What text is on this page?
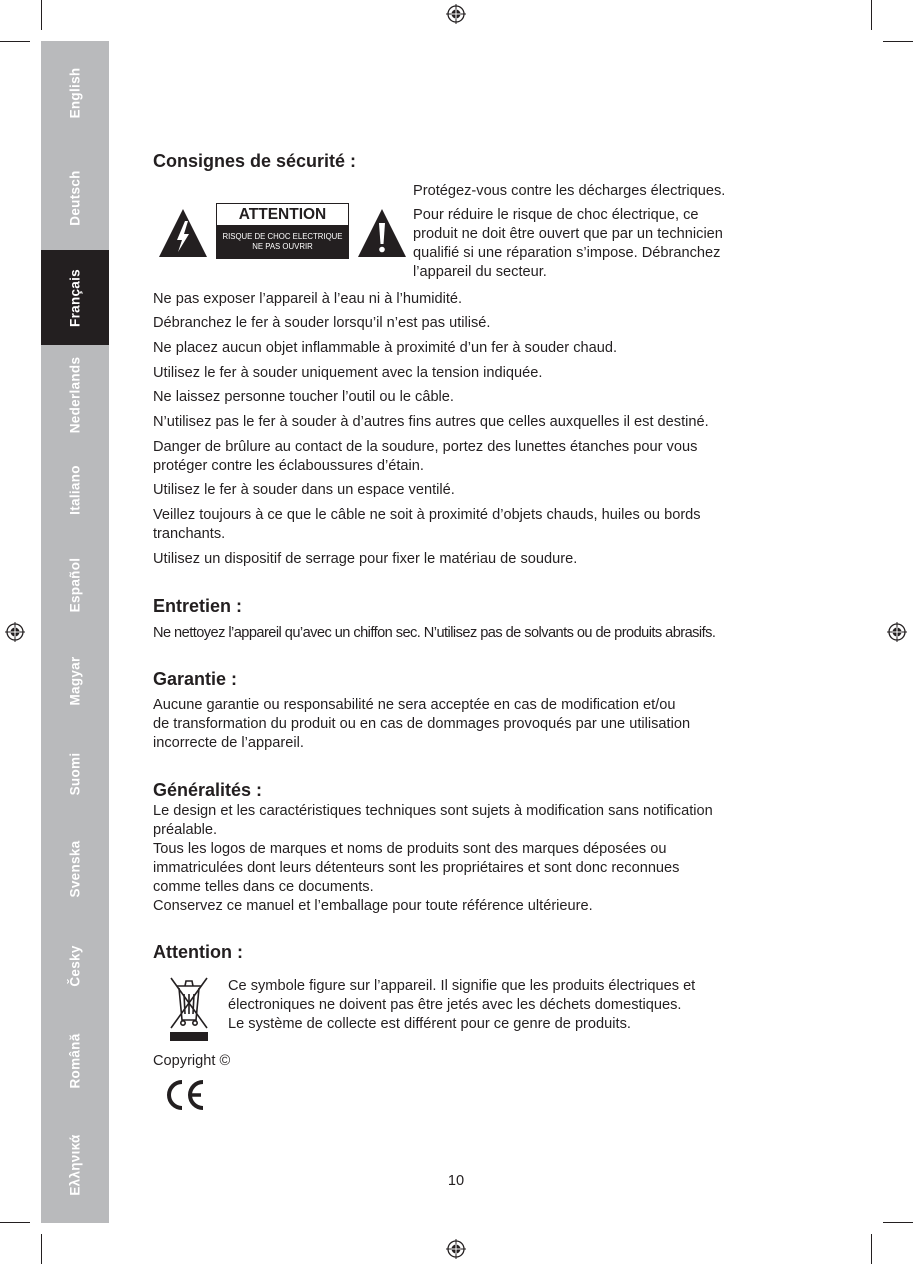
English
Deutsch
Français
Nederlands
Italiano
Español
Magyar
Suomi
Svenska
Česky
Română
Ελληνικά
Consignes de sécurité :
ATTENTION
RISQUE DE CHOC ELECTRIQUE
NE PAS OUVRIR
Protégez-vous contre les décharges électriques.
Pour réduire le risque de choc électrique, ce
produit ne doit être ouvert que par un technicien
qualifié si une réparation s’impose. Débranchez
l’appareil du secteur.
Ne pas exposer l’appareil à l’eau ni à l’humidité.
Débranchez le fer à souder lorsqu’il n’est pas utilisé.
Ne placez aucun objet inflammable à proximité d’un fer à souder chaud.
Utilisez le fer à souder uniquement avec la tension indiquée.
Ne laissez personne toucher l’outil ou le câble.
N’utilisez pas le fer à souder à d’autres fins autres que celles auxquelles il est destiné.
Danger de brûlure au contact de la soudure, portez des lunettes étanches pour vous
protéger contre les éclaboussures d’étain.
Utilisez le fer à souder dans un espace ventilé.
Veillez toujours à ce que le câble ne soit à proximité d’objets chauds, huiles ou bords
tranchants.
Utilisez un dispositif de serrage pour fixer le matériau de soudure.
Entretien :
Ne nettoyez l’appareil qu’avec un chiffon sec. N’utilisez pas de solvants ou de produits abrasifs.
Garantie :
Aucune garantie ou responsabilité ne sera acceptée en cas de modification et/ou
de transformation du produit ou en cas de dommages provoqués par une utilisation
incorrecte de l’appareil.
Généralités :
Le design et les caractéristiques techniques sont sujets à modification sans notification
préalable.
Tous les logos de marques et noms de produits sont des marques déposées ou
immatriculées dont leurs détenteurs sont les propriétaires et sont donc reconnues
comme telles dans ce documents.
Conservez ce manuel et l’emballage pour toute référence ultérieure.
Attention :
Ce symbole figure sur l’appareil. Il signifie que les produits électriques et
électroniques ne doivent pas être jetés avec les déchets domestiques.
Le système de collecte est différent pour ce genre de produits.
Copyright ©
10
